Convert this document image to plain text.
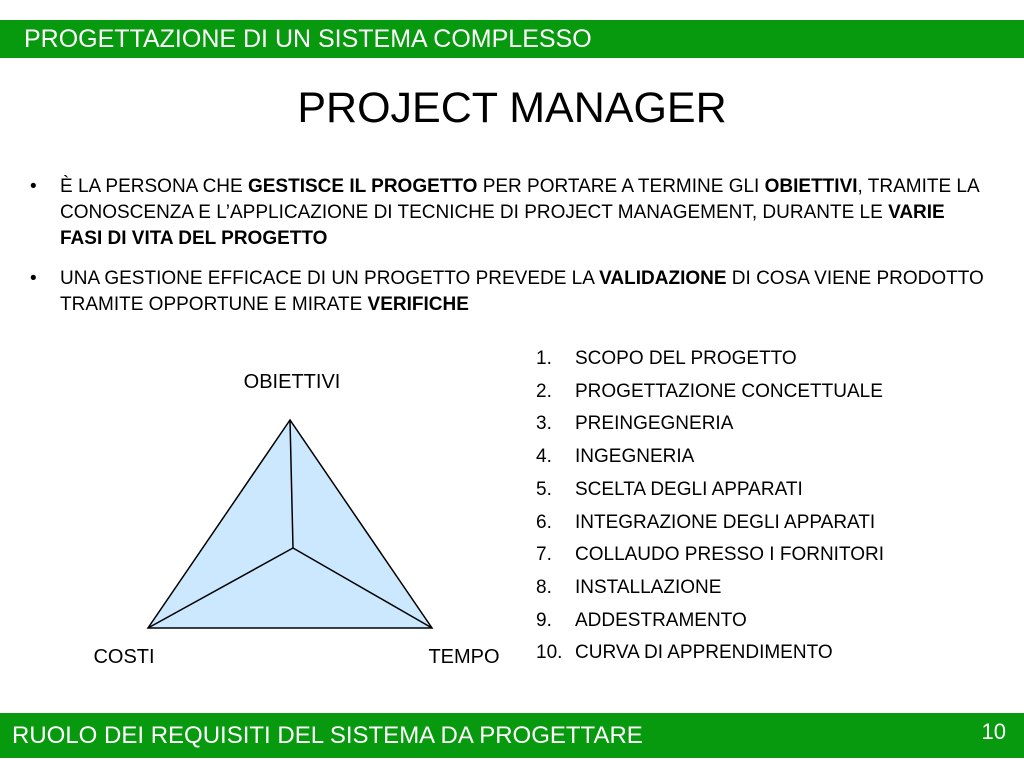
PROGETTAZIONE DI UN SISTEMA COMPLESSO
PROJECT MANAGER
• È LA PERSONA CHE GESTISCE IL PROGETTO PER PORTARE A TERMINE GLI OBIETTIVI, TRAMITE LA CONOSCENZA E L’APPLICAZIONE DI TECNICHE DI PROJECT MANAGEMENT, DURANTE LE VARIE FASI DI VITA DEL PROGETTO
• UNA GESTIONE EFFICACE DI UN PROGETTO PREVEDE LA VALIDAZIONE DI COSA VIENE PRODOTTO TRAMITE OPPORTUNE E MIRATE VERIFICHE
OBIETTIVI
COSTI	TEMPO
1.	SCOPO DEL PROGETTO
2.	PROGETTAZIONE CONCETTUALE
3.	PREINGEGNERIA
4.	INGEGNERIA
5.	SCELTA DEGLI APPARATI
6.	INTEGRAZIONE DEGLI APPARATI
7.	COLLAUDO PRESSO I FORNITORI
8.	INSTALLAZIONE
9.	ADDESTRAMENTO
10. CURVA DI APPRENDIMENTO
RUOLO DEI REQUISITI DEL SISTEMA DA PROGETTARE	10
